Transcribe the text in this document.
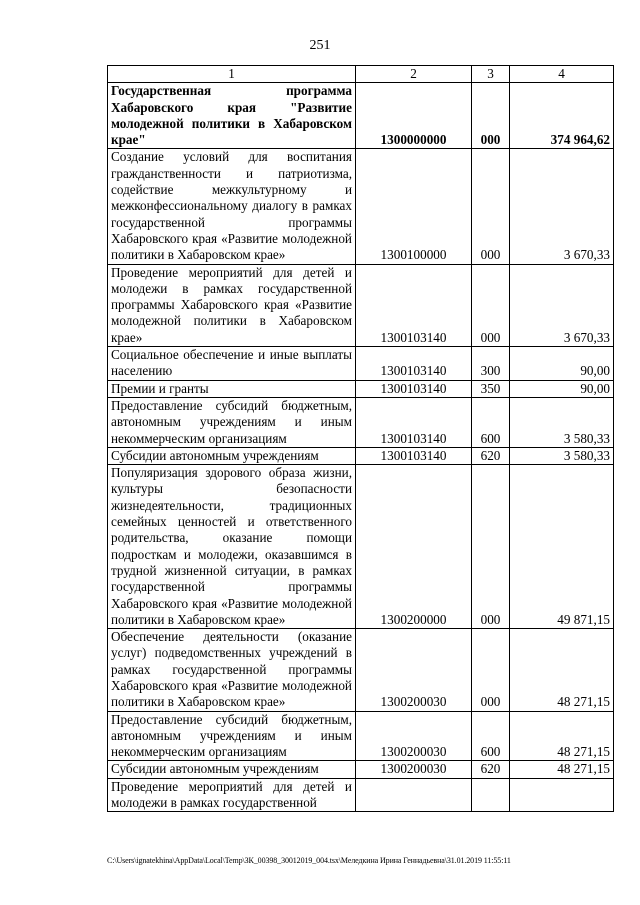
251
1	2	3	4
Государственная программа Хабаровского края "Развитие молодежной политики в Хабаровском крае"	1300000000	000	374 964,62
Создание условий для воспитания гражданственности и патриотизма, содействие межкультурному и межконфессиональному диалогу в рамках государственной программы Хабаровского края «Развитие молодежной политики в Хабаровском крае»	1300100000	000	3 670,33
Проведение мероприятий для детей и молодежи в рамках государственной программы Хабаровского края «Развитие молодежной политики в Хабаровском крае»	1300103140	000	3 670,33
Социальное обеспечение и иные выплаты населению	1300103140	300	90,00
Премии и гранты	1300103140	350	90,00
Предоставление субсидий бюджетным, автономным учреждениям и иным некоммерческим организациям	1300103140	600	3 580,33
Субсидии автономным учреждениям	1300103140	620	3 580,33
Популяризация здорового образа жизни, культуры безопасности жизнедеятельности, традиционных семейных ценностей и ответственного родительства, оказание помощи подросткам и молодежи, оказавшимся в трудной жизненной ситуации, в рамках государственной программы Хабаровского края «Развитие молодежной политики в Хабаровском крае»	1300200000	000	49 871,15
Обеспечение деятельности (оказание услуг) подведомственных учреждений в рамках государственной программы Хабаровского края «Развитие молодежной политики в Хабаровском крае»	1300200030	000	48 271,15
Предоставление субсидий бюджетным, автономным учреждениям и иным некоммерческим организациям	1300200030	600	48 271,15
Субсидии автономным учреждениям	1300200030	620	48 271,15
Проведение мероприятий для детей и молодежи в рамках государственной			
C:\Users\ignatekhina\AppData\Local\Temp\ЗК_00398_30012019_004.tsx\Меледкина Ирина Геннадьевна\31.01.2019 11:55:11
